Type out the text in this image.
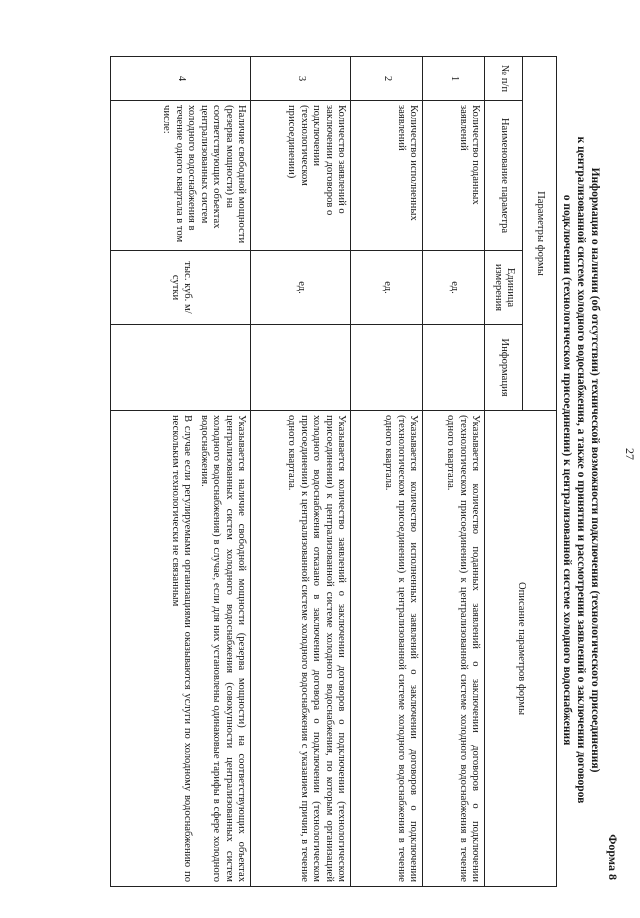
27
Форма 8
Информация о наличии (об отсутствии) технической возможности подключения (технологического присоединения)
к централизованной системе холодного водоснабжения, а также о принятии и рассмотрении заявлений о заключении договоров
о подключении (технологическом присоединении) к централизованной системе холодного водоснабжения
Параметры формы				Описание параметров формы
№ п/п	Наименование параметра	Единица измерения	Информация	
1	Количество поданных заявлений	ед.		Указывается количество поданных заявлений о заключении договоров о подключении (технологическом присоединении) к централизованной системе холодного водоснабжения в течение одного квартала.

2	Количество исполненных заявлений	ед.		Указывается количество исполненных заявлений о заключении договоров о подключении (технологическом присоединении) к централизованной системе холодного водоснабжения в течение одного квартала.

3	Количество заявлений о заключении договоров о подключении (технологическом присоединении)	ед.		Указывается количество заявлений о заключении договоров о подключении (технологическом присоединении) к централизованной системе холодного водоснабжения, по которым организацией холодного водоснабжения отказано в заключении договора о подключении (технологическом присоединении) к централизованной системе холодного водоснабжения с указанием причин, в течение одного квартала.

4	Наличие свободной мощности (резерва мощности) на соответствующих объектах централизованных систем холодного водоснабжения в течение одного квартала в том числе:	тыс. куб. м/сутки		Указывается наличие свободной мощности (резерва мощности) на соответствующих объектах централизованных систем холодного водоснабжения (совокупности централизованных систем холодного водоснабжения) в случае, если для них установлены одинаковые тарифы в сфере холодного водоснабжения.

В случае если регулируемыми организациями оказываются услуги по холодному водоснабжению по нескольким технологически не связанным
